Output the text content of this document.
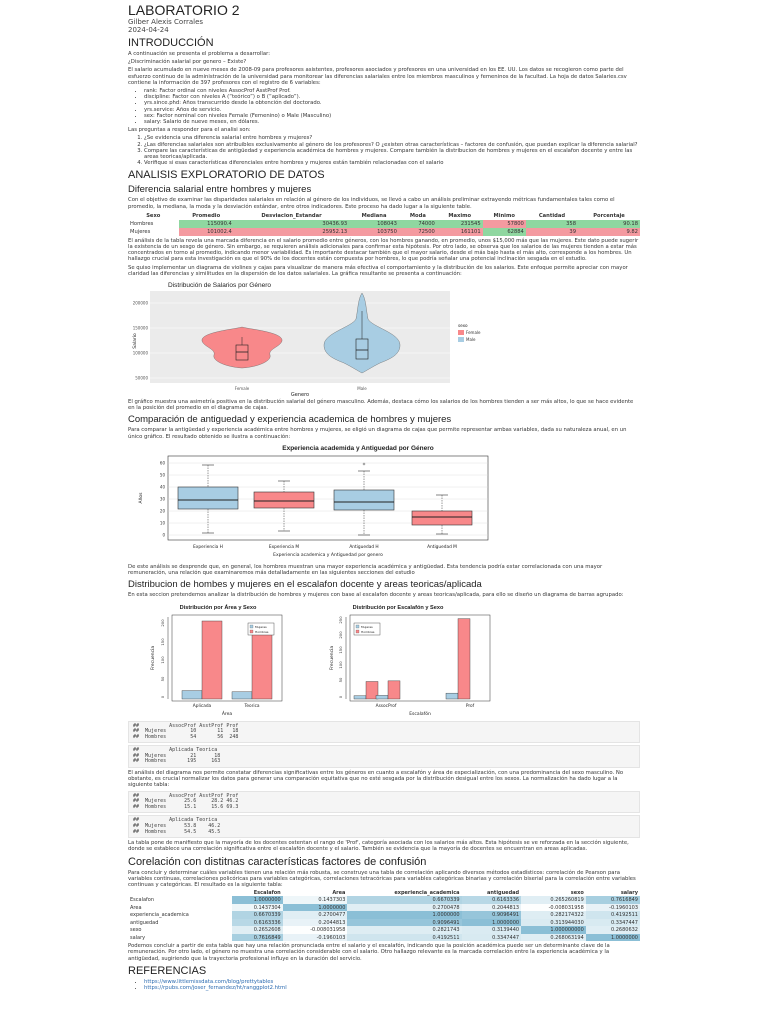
LABORATORIO 2
Gilber Alexis Corrales
2024-04-24
INTRODUCCIÓN

A continuación se presenta el problema a desarrollar:

¿Discriminación salarial por genero – Existe?

El salario acumulado en nueve meses de 2008-09 para profesores asistentes, profesores asociados y profesores en una universidad en los EE. UU. Los datos se recogieron como parte del esfuerzo continuo de la administración de la universidad para monitorear las diferencias salariales entre los miembros masculinos y femeninos de la facultad. La hoja de datos Salaries.csv contiene la información de 397 profesores con el registro de 6 variables:

• rank: Factor ordinal con niveles AssocProf AsstProf Prof.
• discipline: Factor con niveles A (“teórico”) o B (“aplicado”).
• yrs.since.phd: Años transcurrido desde la obtención del doctorado.
• yrs.service: Años de servicio.
• sex: Factor nominal con niveles Female (Femenino) o Male (Masculino)
• salary: Salario de nueve meses, en dólares.

Las preguntas a responder para el analisi son:

1. ¿Se evidencia una diferencia salarial entre hombres y mujeres?
2. ¿Las diferencias salariales son atribuibles exclusivamente al género de los profesores? O ¿existen otras características – factores de confusión, que puedan explicar la diferencia salarial?
3. Compare las características de antigüedad y experiencia académica de hombres y mujeres. Compare también la distribucion de hombres y mujeres en el escalafon docente y entre las areas teoricas/aplicada.
4. Verifique si esas características diferenciales entre hombres y mujeres están también relacionadas con el salario
ANALISIS EXPLORATORIO DE DATOS
Diferencia salarial entre hombres y mujeres

Con el objetivo de examinar las disparidades salariales en relación al género de los individuos, se llevó a cabo un análisis preliminar extrayendo métricas fundamentales tales como el promedio, la mediana, la moda y la desviación estándar, entre otros indicadores. Este proceso ha dado lugar a la siguiente table.

Sexo	Promedio	Desviacion_Estandar	Mediana	Moda	Maximo	Minimo	Cantidad	Porcentaje
Hombres	115090.4	30436.93	108043	74000	231545	57800	358	90.18
Mujeres	101002.4	25952.13	103750	72500	161101	62884	39	9.82

El análisis de la tabla revela una marcada diferencia en el salario promedio entre géneros, con los hombres ganando, en promedio, unos $15,000 más que las mujeres. Este dato puede sugerir la existencia de un sesgo de género. Sin embargo, se requieren análisis adicionales para confirmar esta hipótesis. Por otro lado, se observa que los salarios de las mujeres tienden a estar más concentrados en torno al promedio, indicando menor variabilidad. Es importante destacar también que el mayor salario, desde el más bajo hasta el más alto, corresponde a los hombres. Un hallazgo crucial para esta investigación es que el 90% de los docentes están compuesta por hombres, lo que podría señalar una potencial inclinación sesgada en el estudio.

Se quiso implementar un diagrama de violines y cajas para visualizar de manera más efectiva el comportamiento y la distribución de los salarios. Este enfoque permite apreciar con mayor claridad las diferencias y similitudes en la dispersión de los datos salariales. La gráfica resultante se presenta a continuación:

Distribución de Salarios por Género
200000
150000
100000
50000
Salario
Female	Male
Genero
sexo
Female
Male

El gráfico muestra una asimetría positiva en la distribución salarial del género masculino. Además, destaca cómo los salarios de los hombres tienden a ser más altos, lo que se hace evidente en la posición del promedio en el diagrama de cajas.

Comparación de antiguedad y experiencia academica de hombres y mujeres

Para comparar la antigüedad y experiencia académica entre hombres y mujeres, se eligió un diagrama de cajas que permite representar ambas variables, dada su naturaleza anual, en un único gráfico. El resultado obtenido se ilustra a continuación:

Experiencia academida y Antiguedad por Género
60
50
40
30
20
10
0
Años
Experiencia H	Experiencia M	Antiguedad H	Antiguedad M
Experiencia academica y Antiguedad por genero

De este análisis se desprende que, en general, los hombres muestran una mayor experiencia académica y antigüedad. Esta tendencia podría estar correlacionada con una mayor remuneración, una relación que examinaremos más detalladamente en las siguientes secciones del estudio

Distribucion de hombes y mujeres en el escalafon docente y areas teoricas/aplicada

En esta seccion pretendemos analizar la distribución de hombres y mujeres con base al escalafon docente y areas teoricas/aplicada, para ello se diseño un diagrama de barras agrupado:

Distribución por Área y Sexo	Distribución por Escalafón y Sexo
200
150
100
50
0
250
200
150
100
50
0
Frecuencia	Frecuencia
Aplicada	Teorica	AssocProf	Prof
Área	Escalafón
Mujeres
Hombres
Mujeres
Hombres
##          AssocProf AsstProf Prof
##  Mujeres        10       11   18
##  Hombres        54       56  248
##          Aplicada Teorica
##  Mujeres        21      18
##  Hombres       195     163

El análisis del diagrama nos permite constatar diferencias significativas entre los géneros en cuanto a escalafón y área de especialización, con una predominancia del sexo masculino. No obstante, es crucial normalizar los datos para generar una comparación equitativa que no esté sesgada por la distribución desigual entre los sexos. La normalización ha dado lugar a la siguiente tabla:

##          AssocProf AsstProf Prof
##  Mujeres      25.6     28.2 46.2
##  Hombres      15.1     15.6 69.3
##          Aplicada Teorica
##  Mujeres      53.8    46.2
##  Hombres      54.5    45.5

La tabla pone de manifiesto que la mayoría de los docentes ostentan el rango de 'Prof', categoría asociada con los salarios más altos. Esta hipótesis se ve reforzada en la sección siguiente, donde se establece una correlación significativa entre el escalafón docente y el salario. También se evidencia que la mayoría de docentes se encuentran en areas aplicadas.

Corelación con distitnas características factores de confusión

Para concluir y determinar cuáles variables tienen una relación más robusta, se construye una tabla de correlación aplicando diversos métodos estadísticos: correlación de Pearson para variables continuas, correlaciones policóricas para variables categóricas, correlaciones tetracóricas para variables categóricas binarias y correlación biserial para la correlación entre variables continuas y categóricas. El resultado es la siguiente tabla:

	Escalafon	Area	experiencia_academica	antiguedad	sexo	salary
Escalafon	1.0000000	0.1437303	0.6670339	0.6163336	0.265260819	0.7616849
Area	0.1437304	1.0000000	0.2700478	0.2044813	-0.008031958	-0.1960103
experiencia_academica	0.6670339	0.2700477	1.0000000	0.9096491	0.282174322	0.4192511
antiguedad	0.6163336	0.2044813	0.9096491	1.0000000	0.313944030	0.3347447
sexo	0.2652608	-0.008031958	0.2821743	0.3139440	1.000000000	0.2680632
salary	0.7616849	-0.1960103	0.4192511	0.3347447	0.268063194	1.0000000

Podemos concluir a partir de esta tabla que hay una relación pronunciada entre el salario y el escalafón, indicando que la posición académica puede ser un determinante clave de la remuneración. Por otro lado, el género no muestra una correlación considerable con el salario. Otro hallazgo relevante es la marcada correlación entre la experiencia académica y la antigüedad, sugiriendo que la trayectoria profesional influye en la duración del servicio.

REFERENCIAS
• https://www.littlemissdata.com/blog/prettytables
• https://rpubs.com/joser_fernandez/ht/ranggplot2.html
